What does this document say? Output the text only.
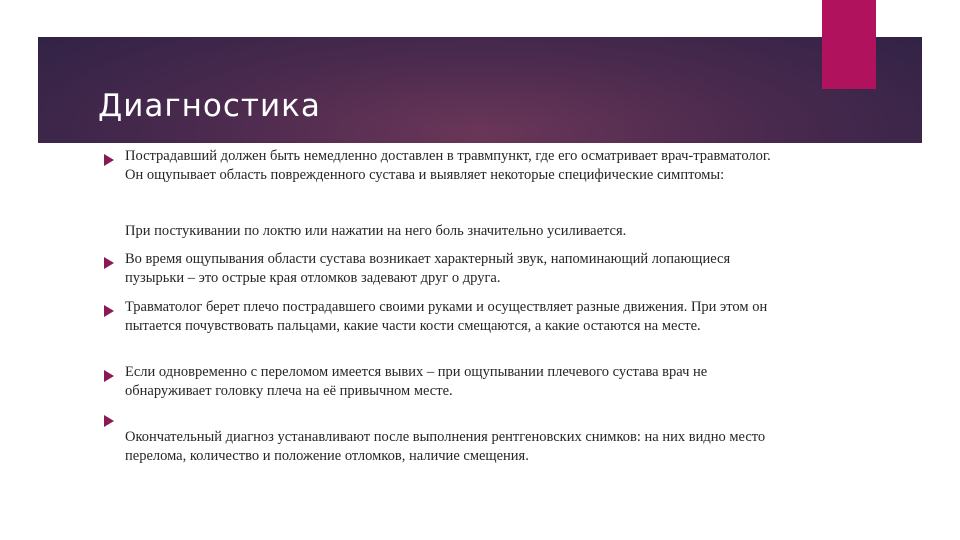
Диагностика

Пострадавший должен быть немедленно доставлен в травмпункт, где его осматривает врач-травматолог. Он ощупывает область поврежденного сустава и выявляет некоторые специфические симптомы:

При постукивании по локтю или нажатии на него боль значительно усиливается.

Во время ощупывания области сустава возникает характерный звук, напоминающий лопающиеся пузырьки – это острые края отломков задевают друг о друга.

Травматолог берет плечо пострадавшего своими руками и осуществляет разные движения. При этом он пытается почувствовать пальцами, какие части кости смещаются, а какие остаются на месте.

Если одновременно с переломом имеется вывих – при ощупывании плечевого сустава врач не обнаруживает головку плеча на её привычном месте.

Окончательный диагноз устанавливают после выполнения рентгеновских снимков: на них видно место перелома, количество и положение отломков, наличие смещения.
